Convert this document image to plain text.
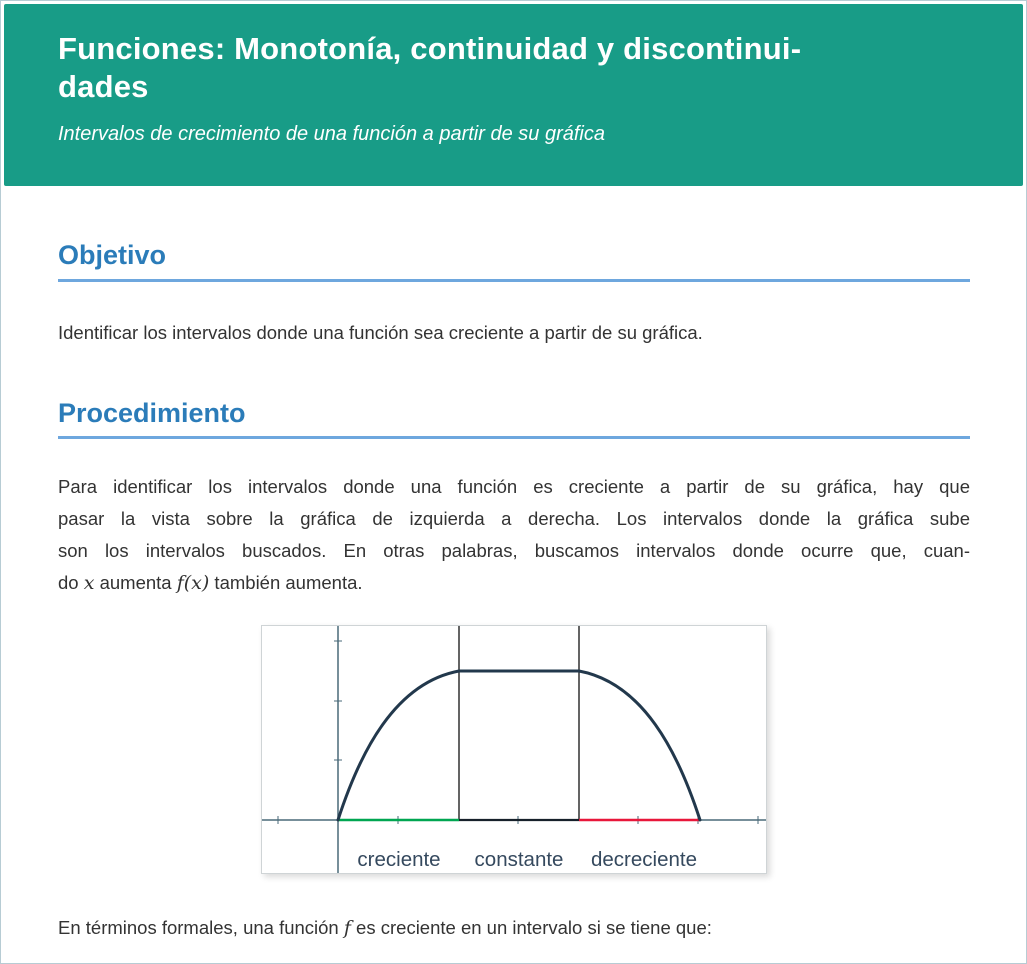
Funciones: Monotonía, continuidad y discontinui-
dades
Intervalos de crecimiento de una función a partir de su gráfica
Objetivo

Identificar los intervalos donde una función sea creciente a partir de su gráfica.

Procedimiento
Para identificar los intervalos donde una función es creciente a partir de su gráfica, hay que
pasar la vista sobre la gráfica de izquierda a derecha. Los intervalos donde la gráfica sube
son los intervalos buscados. En otras palabras, buscamos intervalos donde ocurre que, cuan-
do x aumenta f(x) también aumenta.
creciente constante decreciente

En términos formales, una función f es creciente en un intervalo si se tiene que:
